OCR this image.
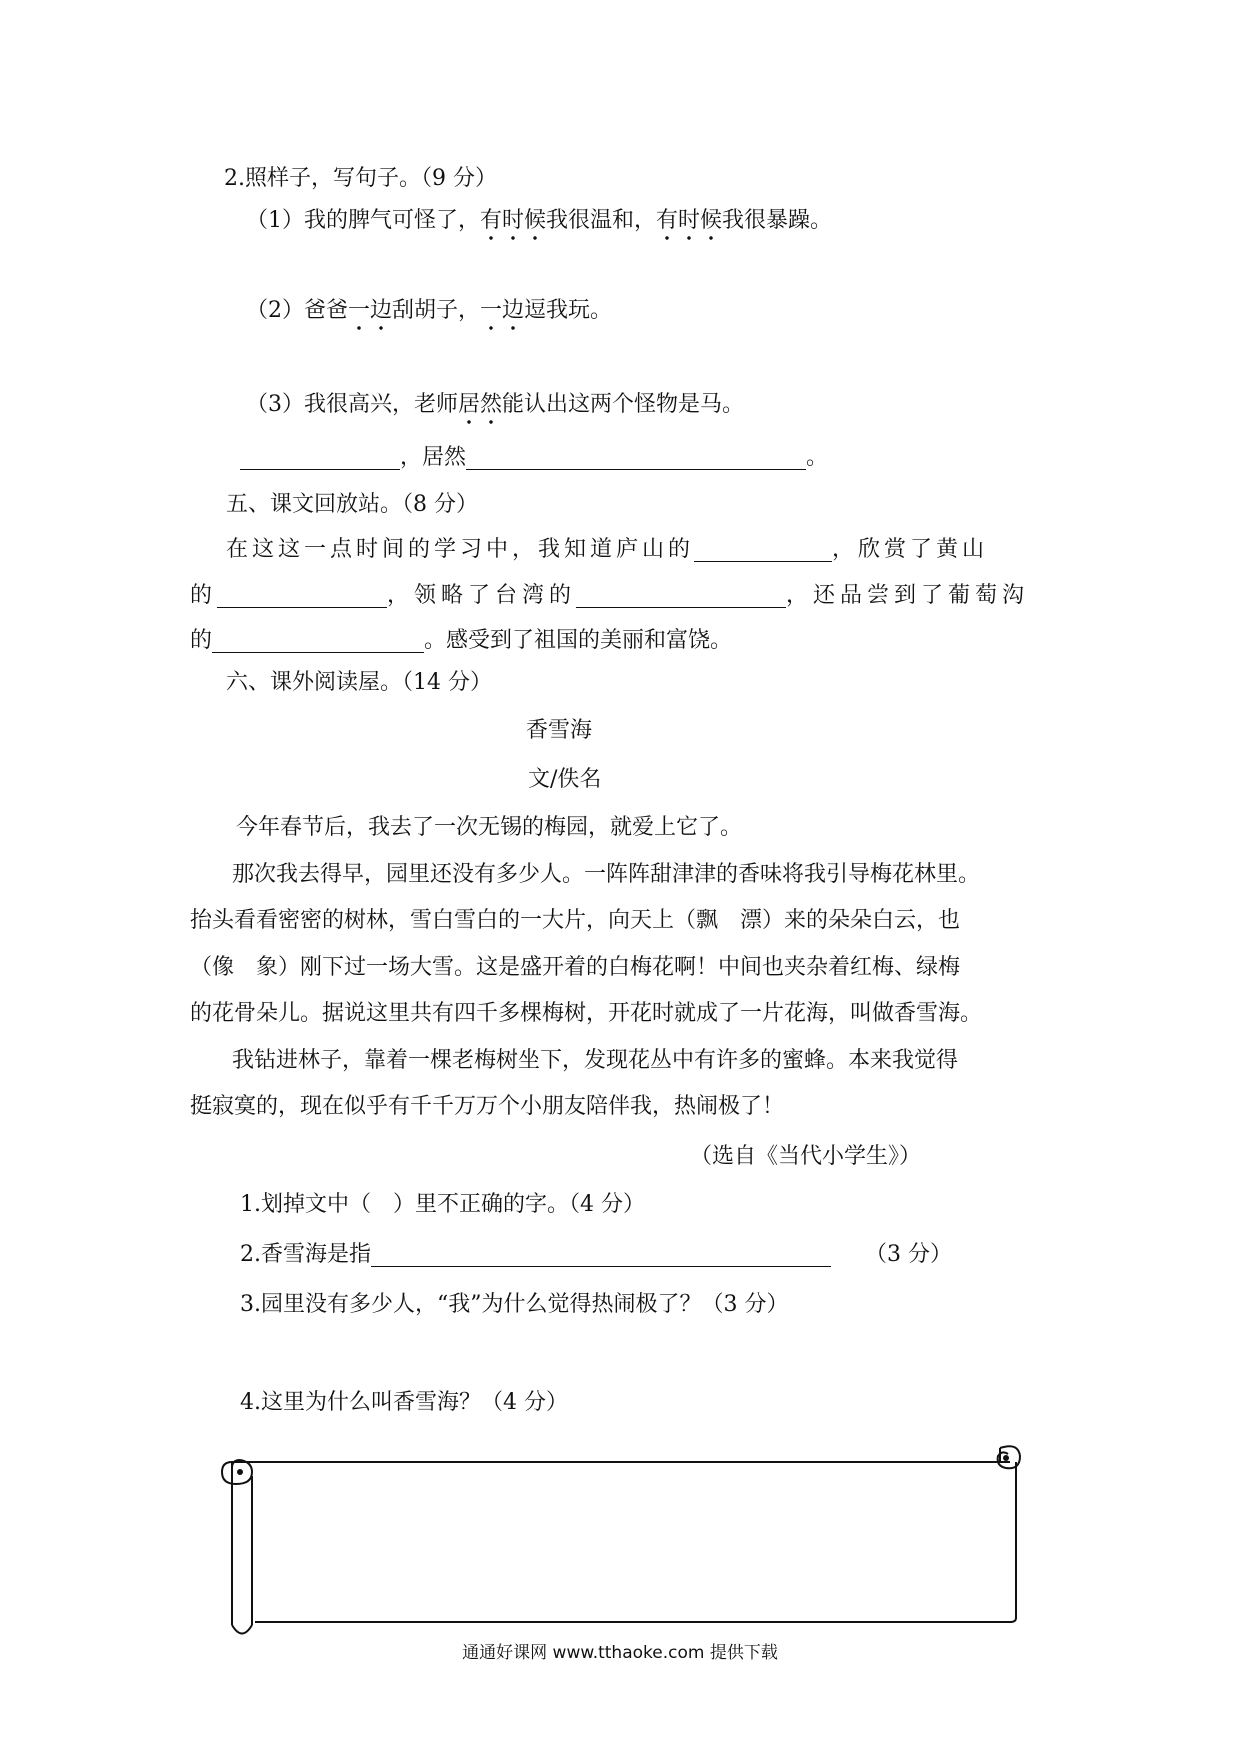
2.照样子，写句子。（9 分）
（1）我的脾气可怪了，有时候我很温和，有时候我很暴躁。
（2）爸爸一边刮胡子，一边逗我玩。
（3）我很高兴，老师居然能认出这两个怪物是马。
，居然	。
五、课文回放站。（8 分）
在这这一点时间的学习中，我知道庐山的	，欣赏了黄山
的	，领略了台湾的	，还品尝到了葡萄沟
的	。感受到了祖国的美丽和富饶。
六、课外阅读屋。（14 分）
香雪海
文/佚名
今年春节后，我去了一次无锡的梅园，就爱上它了。
那次我去得早，园里还没有多少人。一阵阵甜津津的香味将我引导梅花林里。
抬头看看密密的树林，雪白雪白的一大片，向天上（飘　漂）来的朵朵白云，也
（像　象）刚下过一场大雪。这是盛开着的白梅花啊！中间也夹杂着红梅、绿梅
的花骨朵儿。据说这里共有四千多棵梅树，开花时就成了一片花海，叫做香雪海。
我钻进林子，靠着一棵老梅树坐下，发现花丛中有许多的蜜蜂。本来我觉得
挺寂寞的，现在似乎有千千万万个小朋友陪伴我，热闹极了！
（选自《当代小学生》）
1.划掉文中（　）里不正确的字。（4 分）
2.香雪海是指	（3 分）
3.园里没有多少人，“我”为什么觉得热闹极了？（3 分）
4.这里为什么叫香雪海？（4 分）
通通好课网 www.tthaoke.com 提供下载
